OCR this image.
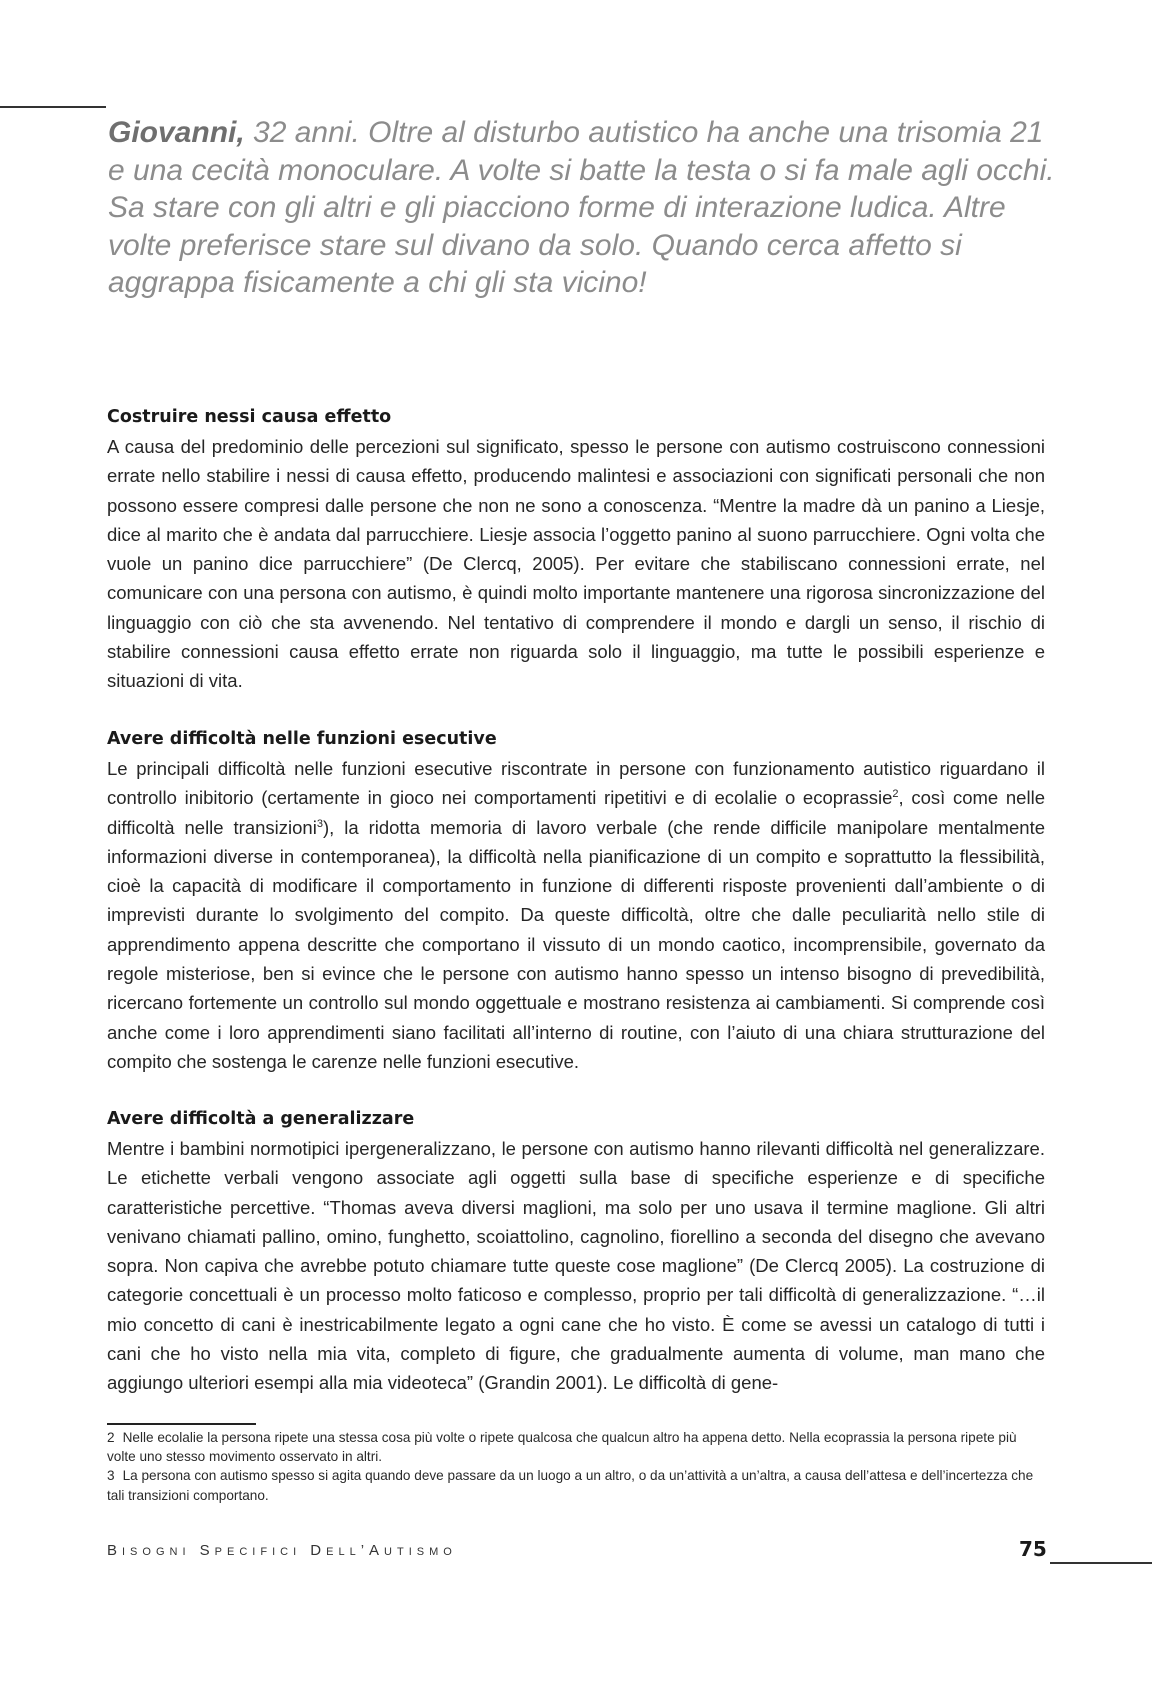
Giovanni, 32 anni. Oltre al disturbo autistico ha anche una trisomia 21 e una cecità monoculare. A volte si batte la testa o si fa male agli occhi. Sa stare con gli altri e gli piacciono forme di interazione ludica. Altre volte preferisce stare sul divano da solo. Quando cerca affetto si aggrappa fisicamente a chi gli sta vicino!

Costruire nessi causa effetto

A causa del predominio delle percezioni sul significato, spesso le persone con autismo costruiscono connessioni errate nello stabilire i nessi di causa effetto, producendo malintesi e associazioni con significati personali che non possono essere compresi dalle persone che non ne sono a conoscenza. “Mentre la madre dà un panino a Liesje, dice al marito che è andata dal parrucchiere. Liesje associa l’oggetto panino al suono parrucchiere. Ogni volta che vuole un panino dice parrucchiere” (De Clercq, 2005). Per evitare che stabiliscano connessioni errate, nel comunicare con una persona con autismo, è quindi molto importante mantenere una rigorosa sincronizzazione del linguaggio con ciò che sta avvenendo. Nel tentativo di comprendere il mondo e dargli un senso, il rischio di stabilire connessioni causa effetto errate non riguarda solo il linguaggio, ma tutte le possibili esperienze e situazioni di vita.

Avere difficoltà nelle funzioni esecutive

Le principali difficoltà nelle funzioni esecutive riscontrate in persone con funzionamento autistico riguardano il controllo inibitorio (certamente in gioco nei comportamenti ripetitivi e di ecolalie o ecoprassie$^2$, così come nelle difficoltà nelle transizioni$^3$), la ridotta memoria di lavoro verbale (che rende difficile manipolare mentalmente informazioni diverse in contemporanea), la difficoltà nella pianificazione di un compito e soprattutto la flessibilità, cioè la capacità di modificare il comportamento in funzione di differenti risposte provenienti dall’ambiente o di imprevisti durante lo svolgimento del compito. Da queste difficoltà, oltre che dalle peculiarità nello stile di apprendimento appena descritte che comportano il vissuto di un mondo caotico, incomprensibile, governato da regole misteriose, ben si evince che le persone con autismo hanno spesso un intenso bisogno di prevedibilità, ricercano fortemente un controllo sul mondo oggettuale e mostrano resistenza ai cambiamenti. Si comprende così anche come i loro apprendimenti siano facilitati all’interno di routine, con l’aiuto di una chiara strutturazione del compito che sostenga le carenze nelle funzioni esecutive.

Avere difficoltà a generalizzare

Mentre i bambini normotipici ipergeneralizzano, le persone con autismo hanno rilevanti difficoltà nel generalizzare. Le etichette verbali vengono associate agli oggetti sulla base di specifiche esperienze e di specifiche caratteristiche percettive. “Thomas aveva diversi maglioni, ma solo per uno usava il termine maglione. Gli altri venivano chiamati pallino, omino, funghetto, scoiattolino, cagnolino, fiorellino a seconda del disegno che avevano sopra. Non capiva che avrebbe potuto chiamare tutte queste cose maglione” (De Clercq 2005). La costruzione di categorie concettuali è un processo molto faticoso e complesso, proprio per tali difficoltà di generalizzazione. “…il mio concetto di cani è inestricabilmente legato a ogni cane che ho visto. È come se avessi un catalogo di tutti i cani che ho visto nella mia vita, completo di figure, che gradualmente aumenta di volume, man mano che aggiungo ulteriori esempi alla mia videoteca” (Grandin 2001). Le difficoltà di gene-

2 Nelle ecolalie la persona ripete una stessa cosa più volte o ripete qualcosa che qualcun altro ha appena detto. Nella ecoprassia la persona ripete più volte uno stesso movimento osservato in altri.

3 La persona con autismo spesso si agita quando deve passare da un luogo a un altro, o da un’attività a un’altra, a causa dell’attesa e dell’incertezza che tali transizioni comportano.

Bisogni Specifici Dell’Autismo	75
